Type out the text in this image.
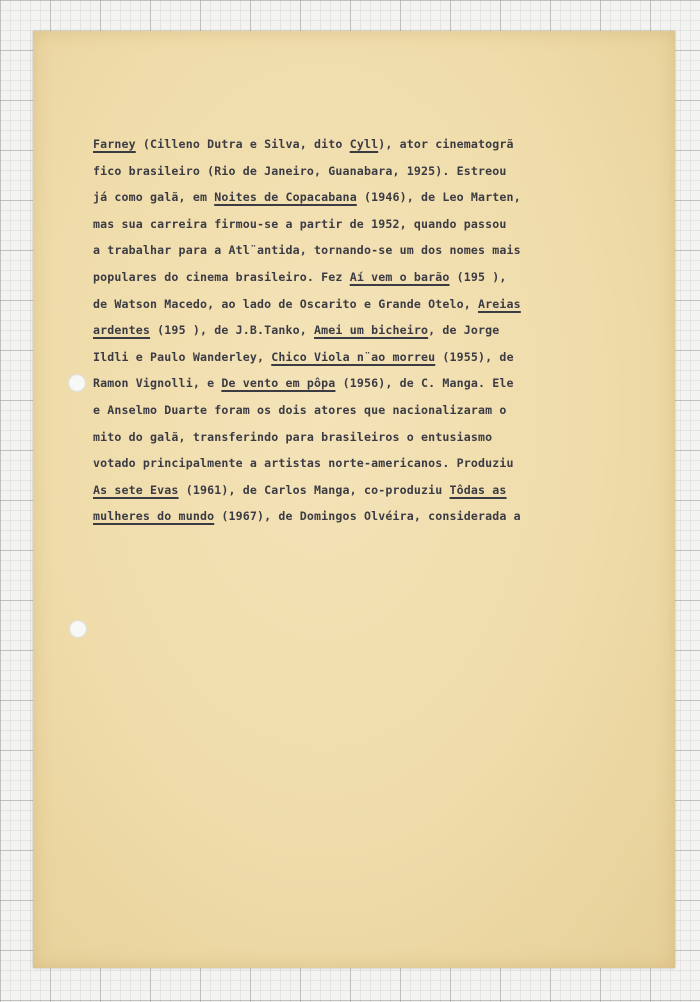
Farney (Cilleno Dutra e Silva, dito Cyll), ator cinematogrã
fico brasileiro (Rio de Janeiro, Guanabara, 1925). Estreou
já como galã, em Noites de Copacabana (1946), de Leo Marten,
mas sua carreira firmou-se a partir de 1952, quando passou
a trabalhar para a Atl¨antida, tornando-se um dos nomes mais
populares do cinema brasileiro. Fez Aí vem o barão (195 ),
de Watson Macedo, ao lado de Oscarito e Grande Otelo, Areias
ardentes (195 ), de J.B.Tanko, Amei um bicheiro, de Jorge
Ildli e Paulo Wanderley, Chico Viola n¨ao morreu (1955), de
Ramon Vignolli, e De vento em pôpa (1956), de C. Manga. Ele
e Anselmo Duarte foram os dois atores que nacionalizaram o
mito do galã, transferindo para brasileiros o entusiasmo
votado principalmente a artistas norte-americanos. Produziu
As sete Evas (1961), de Carlos Manga, co-produziu Tôdas as
mulheres do mundo (1967), de Domingos Olvéira, considerada a
